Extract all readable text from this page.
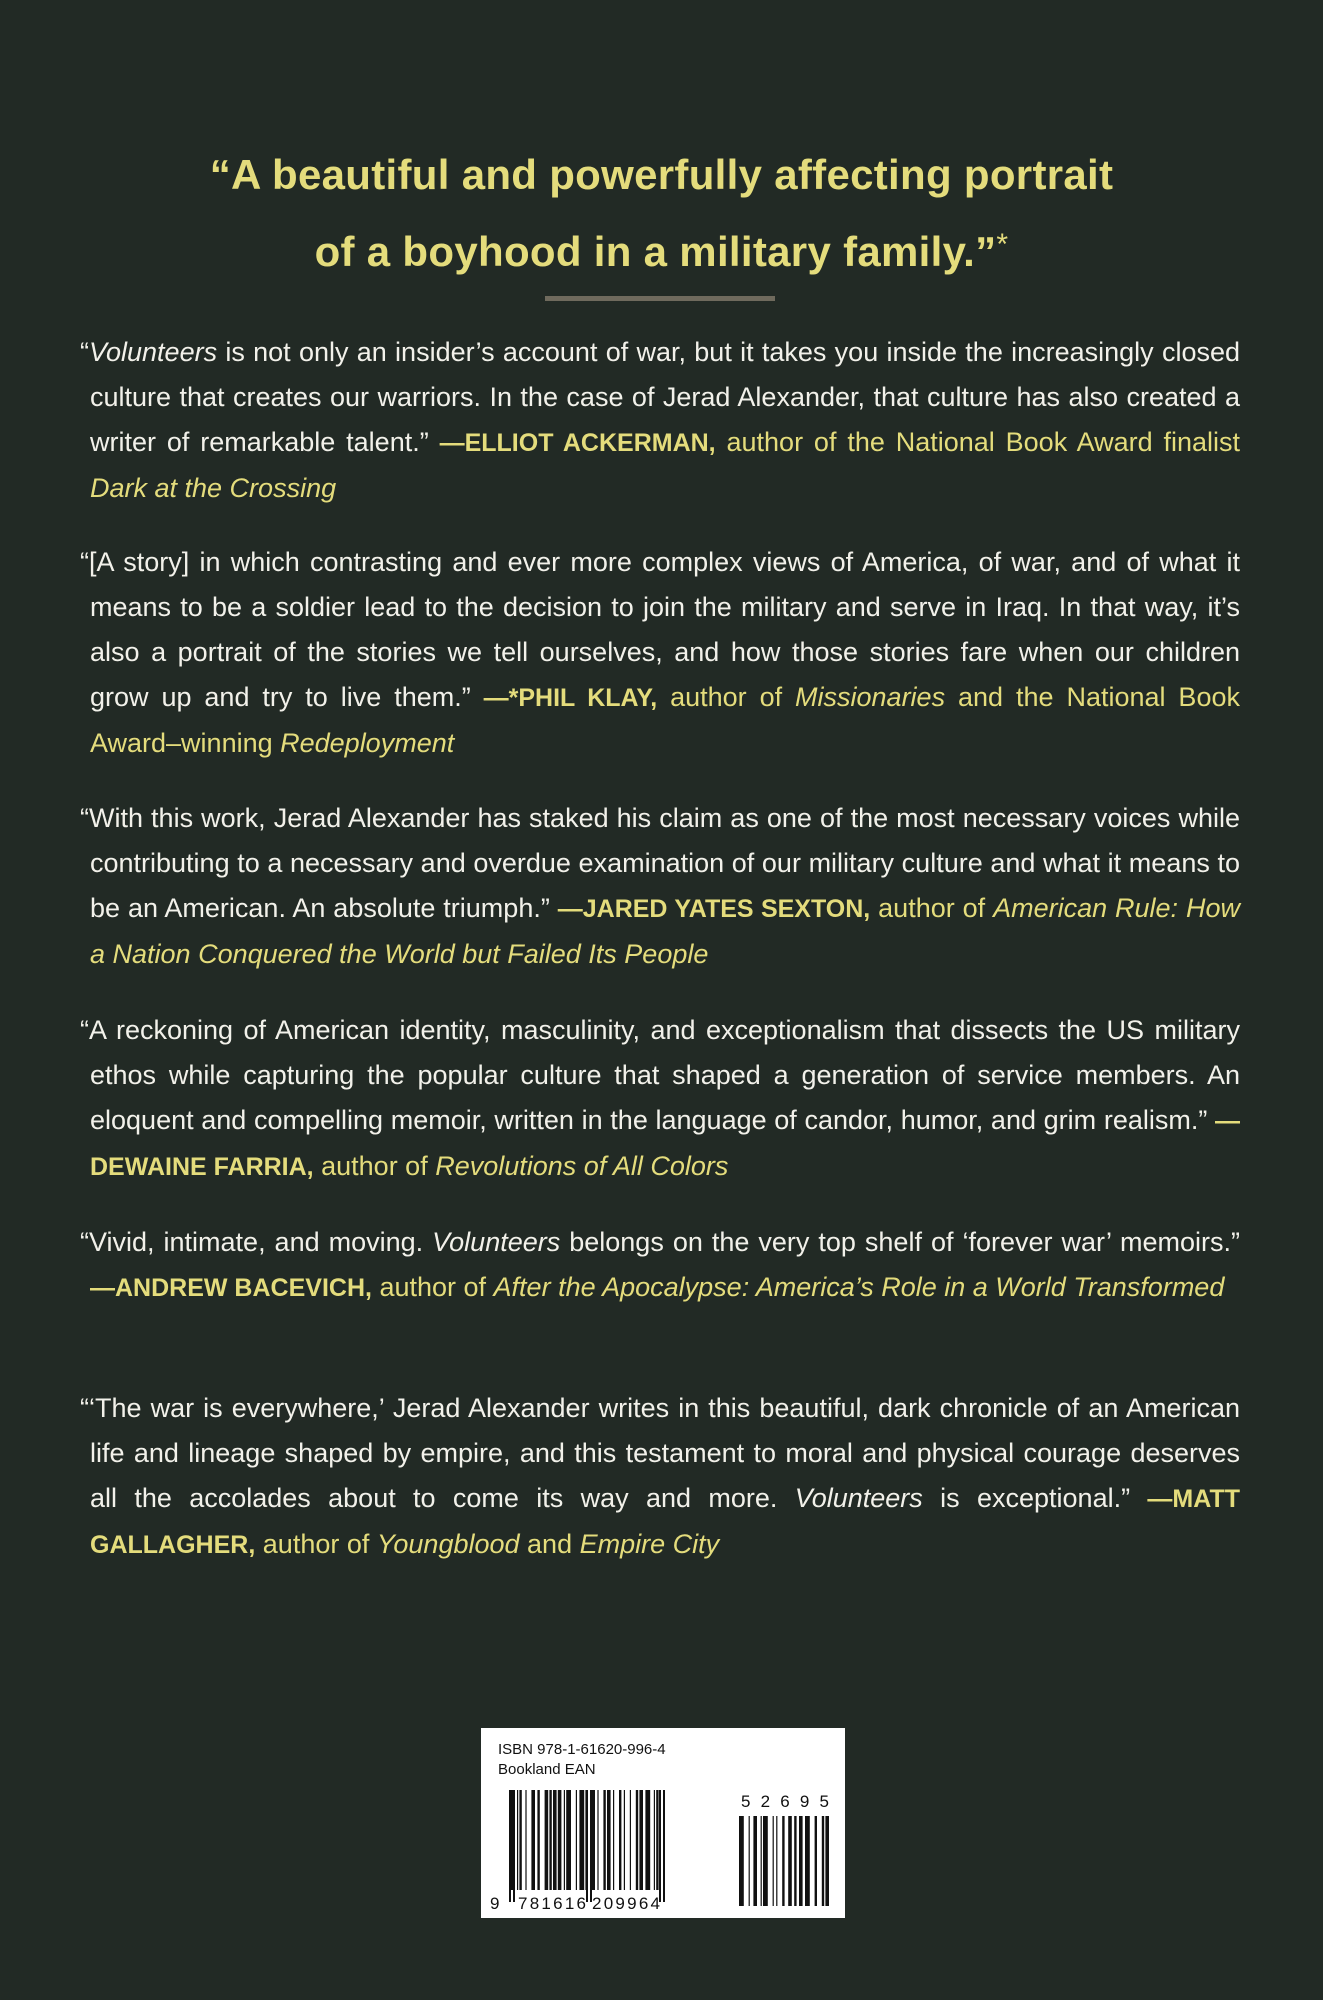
“A beautiful and powerfully affecting portrait
of a boyhood in a military family.”*
“Volunteers is not only an insider’s account of war, but it takes you inside the increasingly closed culture that creates our warriors. In the case of Jerad Alexander, that culture has also created a writer of remarkable talent.” —ELLIOT ACKERMAN, author of the National Book Award finalist Dark at the Crossing
“[A story] in which contrasting and ever more complex views of America, of war, and of what it means to be a soldier lead to the decision to join the military and serve in Iraq. In that way, it’s also a portrait of the stories we tell ourselves, and how those stories fare when our children grow up and try to live them.” —*PHIL KLAY, author of Missionaries and the National Book Award–winning Redeployment
“With this work, Jerad Alexander has staked his claim as one of the most necessary voices while contributing to a necessary and overdue examination of our military culture and what it means to be an American. An absolute triumph.” —JARED YATES SEXTON, author of American Rule: How a Nation Conquered the World but Failed Its People
“A reckoning of American identity, masculinity, and exceptionalism that dissects the US military ethos while capturing the popular culture that shaped a generation of service members. An eloquent and compelling memoir, written in the language of candor, humor, and grim realism.” —DEWAINE FARRIA, author of Revolutions of All Colors
“Vivid, intimate, and moving. Volunteers belongs on the very top shelf of ‘forever war’ memoirs.” —ANDREW BACEVICH, author of After the Apocalypse: America’s Role in a World Transformed
“‘The war is everywhere,’ Jerad Alexander writes in this beautiful, dark chronicle of an American life and lineage shaped by empire, and this testament to moral and physical courage deserves all the accolades about to come its way and more. Volunteers is exceptional.” —MATT GALLAGHER, author of Youngblood and Empire City
ISBN 978-1-61620-996-4
Bookland EAN
9 781616 209964
52695
